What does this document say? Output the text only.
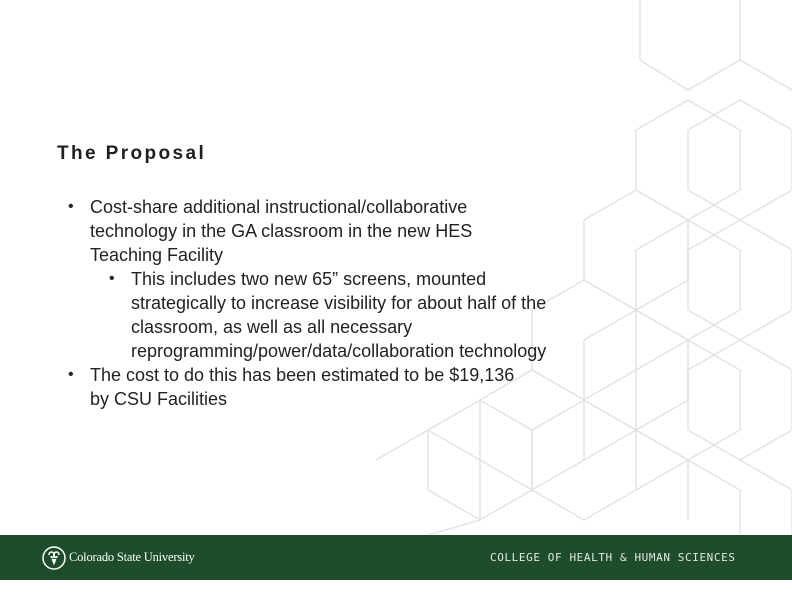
The Proposal
• Cost-share additional instructional/collaborative technology in the GA classroom in the new HES Teaching Facility
• This includes two new 65” screens, mounted strategically to increase visibility for about half of the classroom, as well as all necessary reprogramming/power/data/collaboration technology
• The cost to do this has been estimated to be $19,136 by CSU Facilities
Colorado State University	COLLEGE OF HEALTH & HUMAN SCIENCES
